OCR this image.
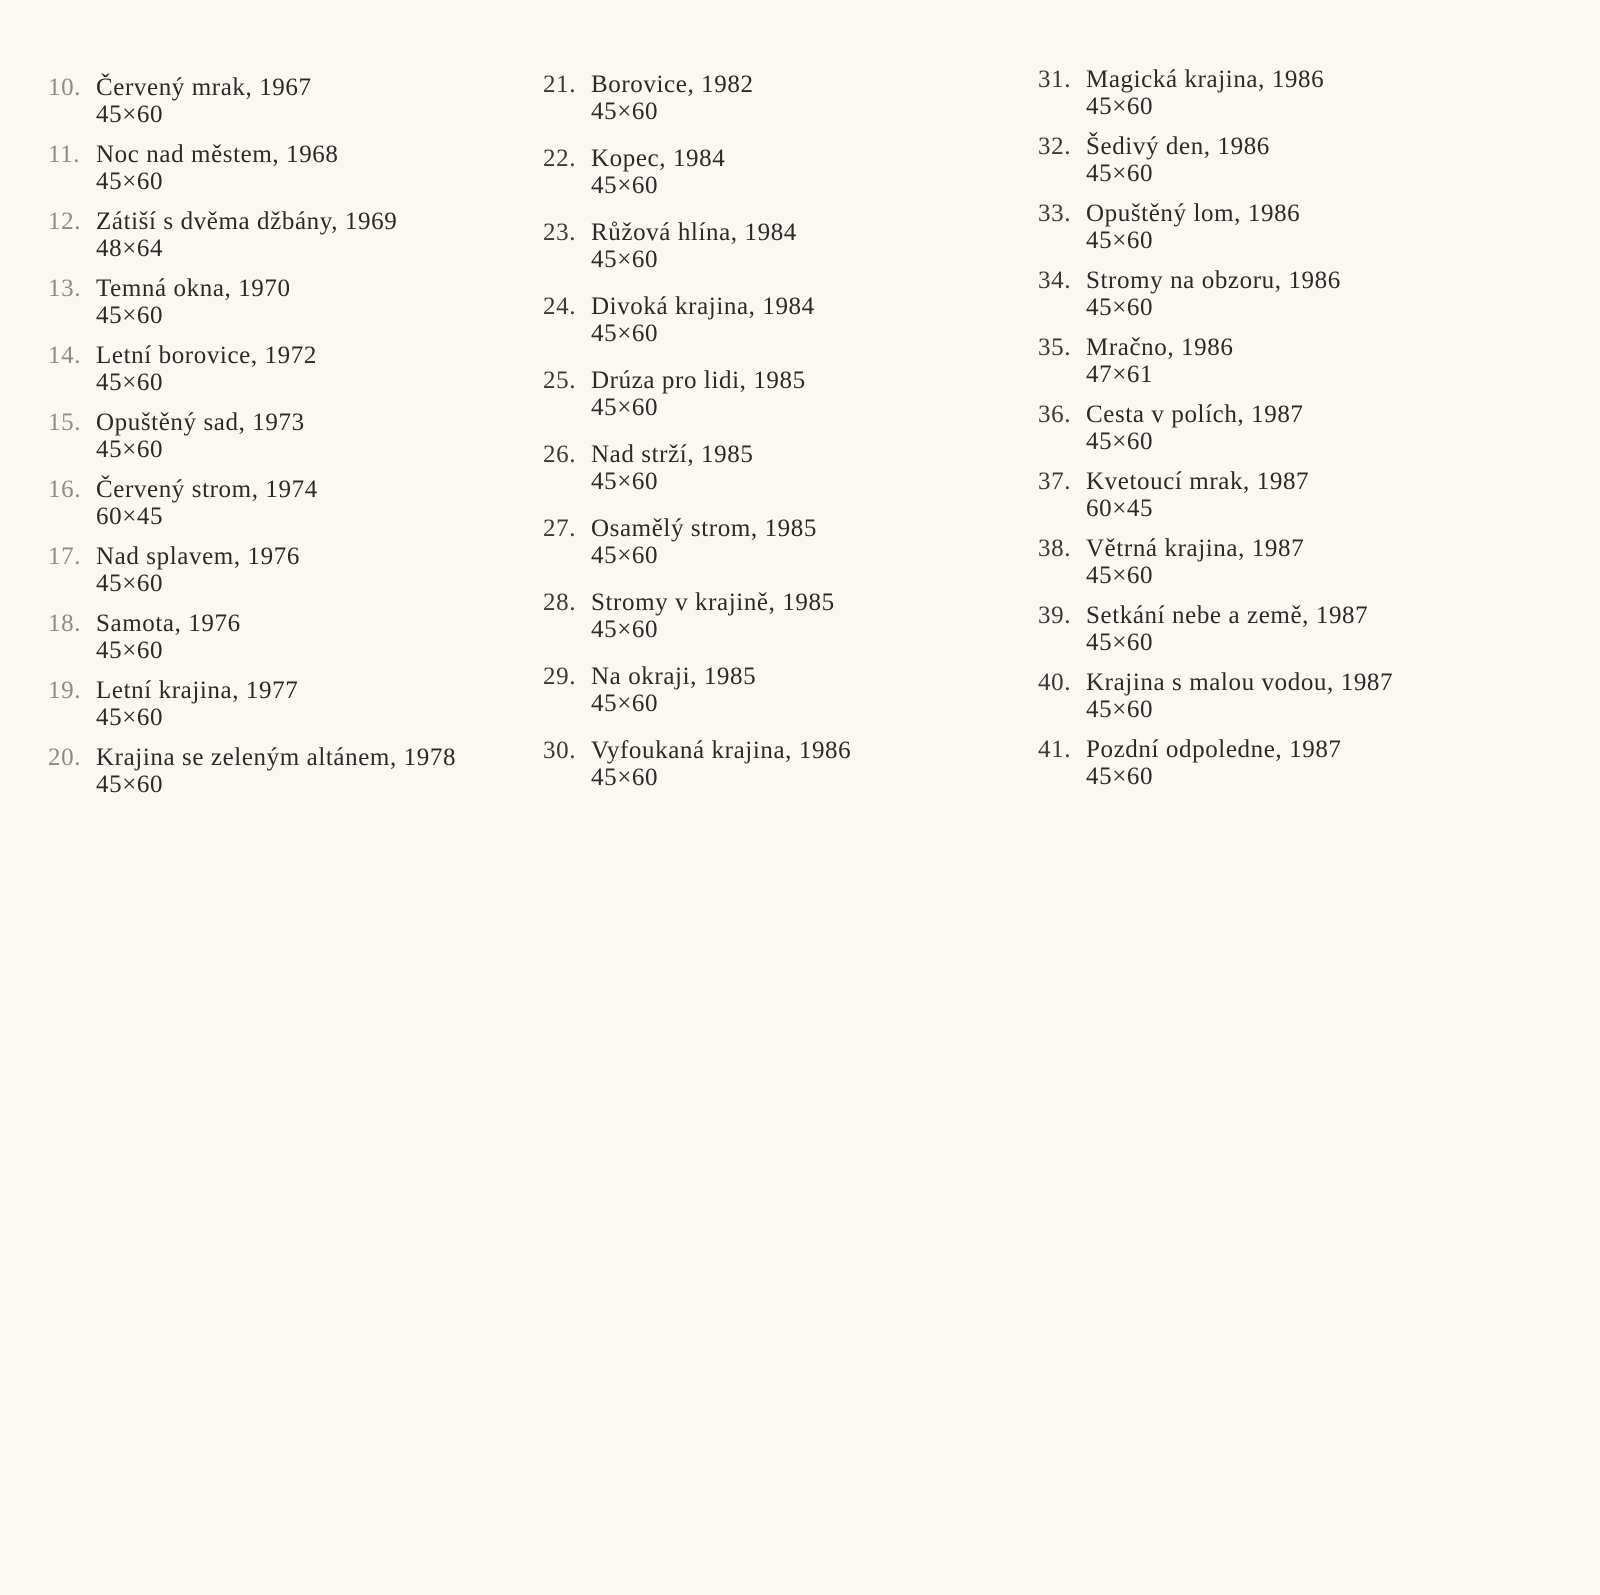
10. Červený mrak, 1967
45×60
11. Noc nad městem, 1968
45×60
12. Zátiší s dvěma džbány, 1969
48×64
13. Temná okna, 1970
45×60
14. Letní borovice, 1972
45×60
15. Opuštěný sad, 1973
45×60
16. Červený strom, 1974
60×45
17. Nad splavem, 1976
45×60
18. Samota, 1976
45×60
19. Letní krajina, 1977
45×60
20. Krajina se zeleným altánem, 1978
45×60
21. Borovice, 1982
45×60
22. Kopec, 1984
45×60
23. Růžová hlína, 1984
45×60
24. Divoká krajina, 1984
45×60
25. Drúza pro lidi, 1985
45×60
26. Nad strží, 1985
45×60
27. Osamělý strom, 1985
45×60
28. Stromy v krajině, 1985
45×60
29. Na okraji, 1985
45×60
30. Vyfoukaná krajina, 1986
45×60
31. Magická krajina, 1986
45×60
32. Šedivý den, 1986
45×60
33. Opuštěný lom, 1986
45×60
34. Stromy na obzoru, 1986
45×60
35. Mračno, 1986
47×61
36. Cesta v polích, 1987
45×60
37. Kvetoucí mrak, 1987
60×45
38. Větrná krajina, 1987
45×60
39. Setkání nebe a země, 1987
45×60
40. Krajina s malou vodou, 1987
45×60
41. Pozdní odpoledne, 1987
45×60
